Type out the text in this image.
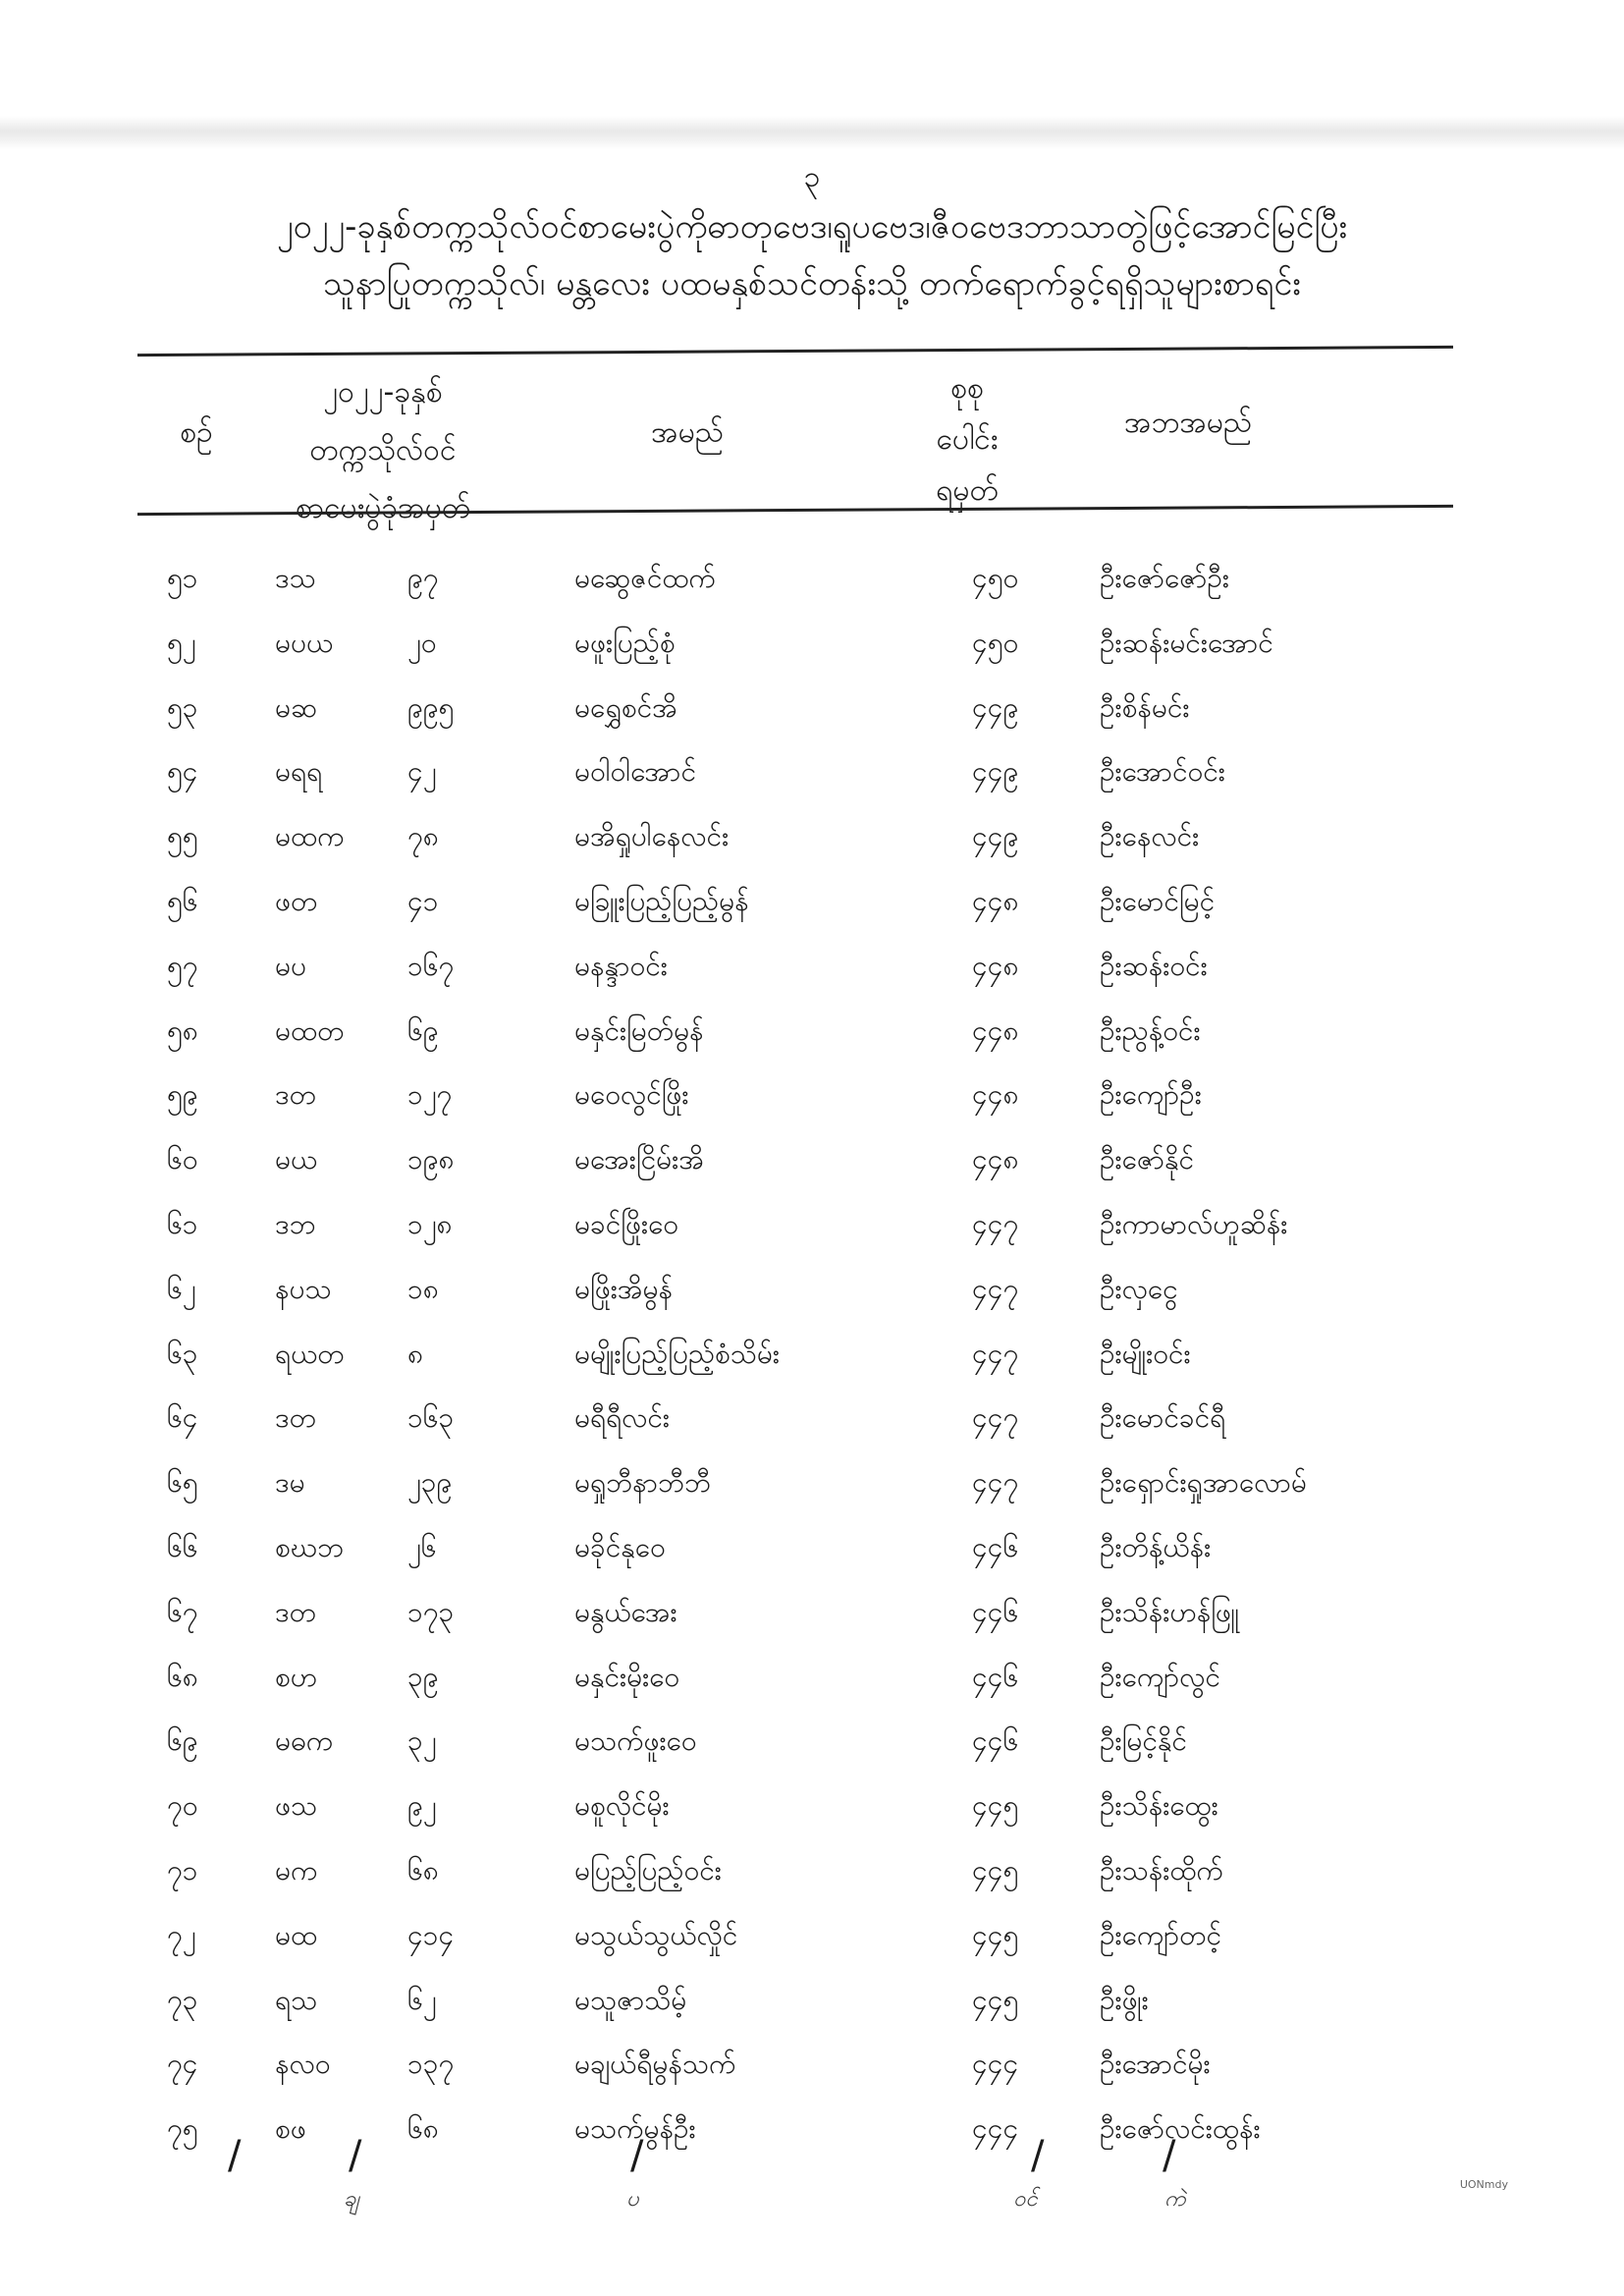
၃
၂၀၂၂-ခုနှစ်တက္ကသိုလ်ဝင်စာမေးပွဲကိုဓာတုဗေဒ၊ရူပဗေဒ၊ဇီဝဗေဒဘာသာတွဲဖြင့်အောင်မြင်ပြီး
သူနာပြုတက္ကသိုလ်၊ မန္တလေး ပထမနှစ်သင်တန်းသို့ တက်ရောက်ခွင့်ရရှိသူများစာရင်း
စဉ်
၂၀၂၂-ခုနှစ်
တက္ကသိုလ်ဝင်
စာမေးပွဲခုံအမှတ်
အမည်
စုစု
ပေါင်း
ရမှတ်
အဘအမည်
၅၁	ဒသ	၉၇	မဆွေဇင်ထက်	၄၅၀	ဦးဇော်ဇော်ဦး
၅၂	မပယ	၂၀	မဖူးပြည့်စုံ	၄၅၀	ဦးဆန်းမင်းအောင်
၅၃	မဆ	၉၉၅	မရွှေစင်အိ	၄၄၉	ဦးစိန်မင်း
၅၄	မရရ	၄၂	မဝါဝါအောင်	၄၄၉	ဦးအောင်ဝင်း
၅၅	မထက ၇၈	မအိရှုပါနေလင်း	၄၄၉	ဦးနေလင်း
၅၆	ဖတ	၄၁	မခြူးပြည့်ပြည့်မွန်	၄၄၈	ဦးမောင်မြင့်
၅၇	မပ	၁၆၇	မနန္ဒာဝင်း	၄၄၈	ဦးဆန်းဝင်း
၅၈	မထတ ၆၉	မနှင်းမြတ်မွန်	၄၄၈	ဦးညွန့်ဝင်း
၅၉	ဒတ	၁၂၇	မဝေလွင်ဖြိုး	၄၄၈	ဦးကျော်ဦး
၆၀	မယ	၁၉၈	မအေးငြိမ်းအိ	၄၄၈	ဦးဇော်နိုင်
၆၁	ဒဘ	၁၂၈	မခင်ဖြိုးဝေ	၄၄၇	ဦးကာမာလ်ဟူဆိန်း
၆၂	နပသ	၁၈	မဖြိုးအိမွန်	၄၄၇	ဦးလှငွေ
၆၃	ရယတ ၈	မမျိုးပြည့်ပြည့်စံသိမ်း	၄၄၇	ဦးမျိုးဝင်း
၆၄	ဒတ	၁၆၃	မရီရီလင်း	၄၄၇	ဦးမောင်ခင်ရီ
၆၅	ဒမ	၂၃၉	မရှုဘီနာဘီဘီ	၄၄၇	ဦးရှောင်းရှုအာလောမ်
၆၆	စဃဘ ၂၆	မခိုင်နုဝေ	၄၄၆	ဦးတိန့်ယိန်း
၆၇	ဒတ	၁၇၃	မနွယ်အေး	၄၄၆	ဦးသိန်းဟန်ဖြူ
၆၈	စဟ	၃၉	မနှင်းမိုးဝေ	၄၄၆	ဦးကျော်လွင်
၆၉	မဓက	၃၂	မသက်ဖူးဝေ	၄၄၆	ဦးမြင့်နိုင်
၇၀	ဖသ	၉၂	မစူလိုင်မိုး	၄၄၅	ဦးသိန်းထွေး
၇၁	မက	၆၈	မပြည့်ပြည့်ဝင်း	၄၄၅	ဦးသန်းထိုက်
၇၂	မထ	၄၁၄	မသွယ်သွယ်လှိုင်	၄၄၅	ဦးကျော်တင့်
၇၃	ရသ	၆၂	မသူဇာသိမ့်	၄၄၅	ဦးဖွိုး
၇၄	နလဝ	၁၃၇	မချယ်ရီမွန်သက်	၄၄၄	ဦးအောင်မိုး
၇၅	စဖ	၆၈	မသက်မွန်ဦး	၄၄၄	ဦးဇော်လင်းထွန်း
/	/	/	/	/
ချ	ပ	ဝင်	ကဲ
UONmdy
